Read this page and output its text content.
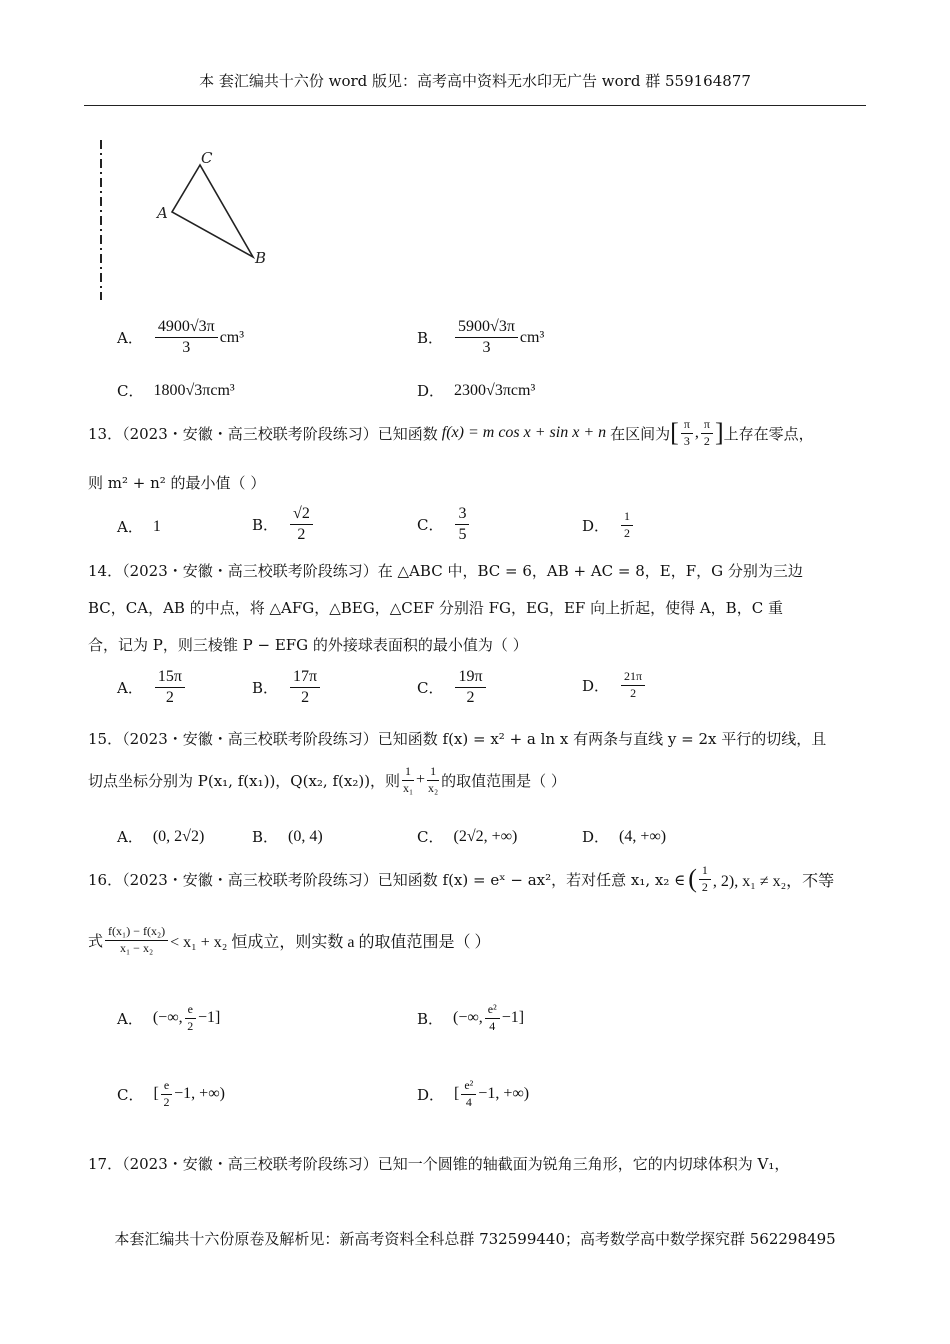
本 套汇编共十六份 word 版见：高考高中资料无水印无广告 word 群 559164877
C
A
B
A． $\frac{4900√3\pi}{3} cm^3$	B． $\frac{5900√3\pi}{3} cm^3$
C． 1800√3πcm³	D． 2300√3πcm³
13．（2023・安徽・高三校联考阶段练习）已知函数 f(x) = m cos x + sin x + n 在区间为 [ $\frac{\pi}{3}$ , $\frac{\pi}{2}$ ] 上存在零点，
则 m² + n² 的最小值（ ）
A． 1	B． $\frac{√2}{2}$	C． $\frac{3}{5}$	D． $\frac{1}{2}$
14．（2023・安徽・高三校联考阶段练习）在 △ABC 中，BC = 6，AB + AC = 8，E，F，G 分别为三边
BC，CA，AB 的中点，将 △AFG，△BEG，△CEF 分别沿 FG，EG，EF 向上折起，使得 A，B，C 重
合，记为 P，则三棱锥 P − EFG 的外接球表面积的最小值为（ ）
A． $\frac{15\pi}{2}$	B． $\frac{17\pi}{2}$	C． $\frac{19\pi}{2}$	D． $\frac{21\pi}{2}$
15．（2023・安徽・高三校联考阶段练习）已知函数 f(x) = x² + a ln x 有两条与直线 y = 2x 平行的切线，且
切点坐标分别为 P(x₁, f(x₁))，Q(x₂, f(x₂))，则 $\frac{1}{\text{x₁}} + \frac{1}{\text{x₂}}$ 的取值范围是（ ）
A． (0, 2√2)	B． (0, 4)	C． (2√2, +∞)	D． (4, +∞)
16．（2023・安徽・高三校联考阶段练习）已知函数 f(x) = eˣ − ax²，若对任意 x₁, x₂ ∈ ( $\frac{1}{2}$ , 2), x₁ ≠ x₂，不等
式 $\frac{\text{f(x₁) − f(x₂)}}{\text{x₁ − x₂}} < x_1 + x_2$ 恒成立，则实数 a 的取值范围是（ ）
A． (−∞, $\frac{e}{2} -1$]	B． (−∞, $\frac{\text{e²}}{4} -1$]
C． [ $\frac{e}{2} -1$, +∞)	D． [ $\frac{\text{e²}}{4} -1$, +∞)
17．（2023・安徽・高三校联考阶段练习）已知一个圆锥的轴截面为锐角三角形，它的内切球体积为 V₁，
本套汇编共十六份原卷及解析见：新高考资料全科总群 732599440；高考数学高中数学探究群 562298495
